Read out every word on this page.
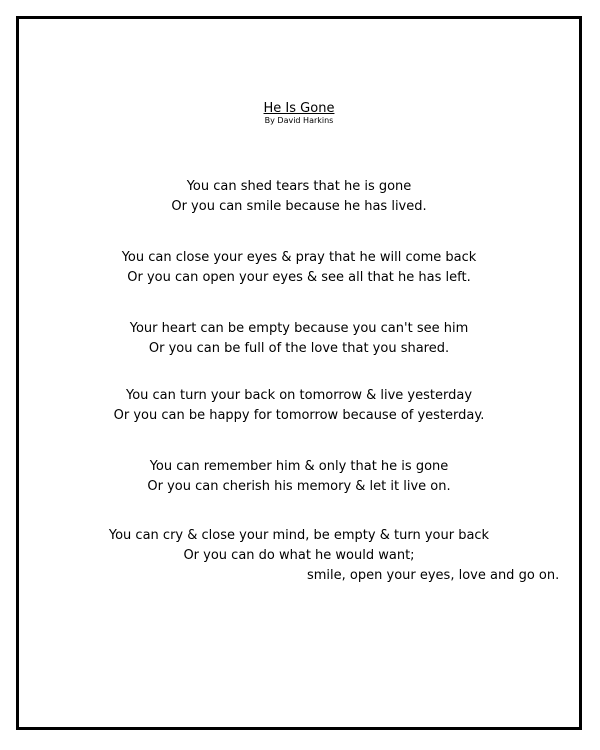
He Is Gone
By David Harkins
You can shed tears that he is gone
Or you can smile because he has lived.
You can close your eyes & pray that he will come back
Or you can open your eyes & see all that he has left.
Your heart can be empty because you can't see him
Or you can be full of the love that you shared.
You can turn your back on tomorrow & live yesterday
Or you can be happy for tomorrow because of yesterday.
You can remember him & only that he is gone
Or you can cherish his memory & let it live on.
You can cry & close your mind, be empty & turn your back
Or you can do what he would want;
smile, open your eyes, love and go on.
